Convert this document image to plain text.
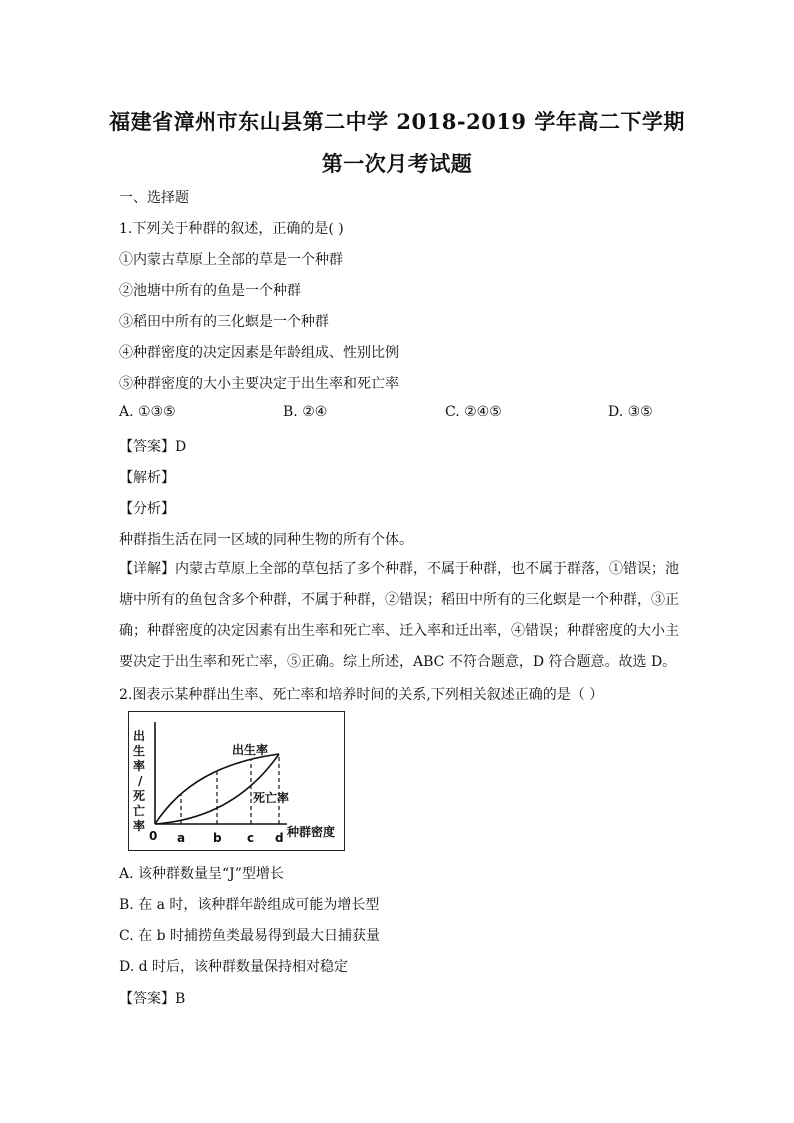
福建省漳州市东山县第二中学 2018-2019 学年高二下学期
第一次月考试题
一、选择题
1.下列关于种群的叙述，正确的是( )
①内蒙古草原上全部的草是一个种群
②池塘中所有的鱼是一个种群
③稻田中所有的三化螟是一个种群
④种群密度的决定因素是年龄组成、性别比例
⑤种群密度的大小主要决定于出生率和死亡率
A. ①③⑤	B. ②④	C. ②④⑤	D. ③⑤
【答案】D
【解析】
【分析】
种群指生活在同一区域的同种生物的所有个体。
【详解】内蒙古草原上全部的草包括了多个种群，不属于种群，也不属于群落，①错误；池塘中所有的鱼包含多个种群，不属于种群，②错误；稻田中所有的三化螟是一个种群，③正确；种群密度的决定因素有出生率和死亡率、迁入率和迁出率，④错误；种群密度的大小主要决定于出生率和死亡率，⑤正确。综上所述，ABC 不符合题意，D 符合题意。故选 D。
2.图表示某种群出生率、死亡率和培养时间的关系,下列相关叙述正确的是（ ）
出
生
率
/
死
亡
率
出生率
死亡率
0 a b c d 种群密度
A. 该种群数量呈“J”型增长
B. 在 a 时，该种群年龄组成可能为增长型
C. 在 b 时捕捞鱼类最易得到最大日捕获量
D. d 时后，该种群数量保持相对稳定
【答案】B
